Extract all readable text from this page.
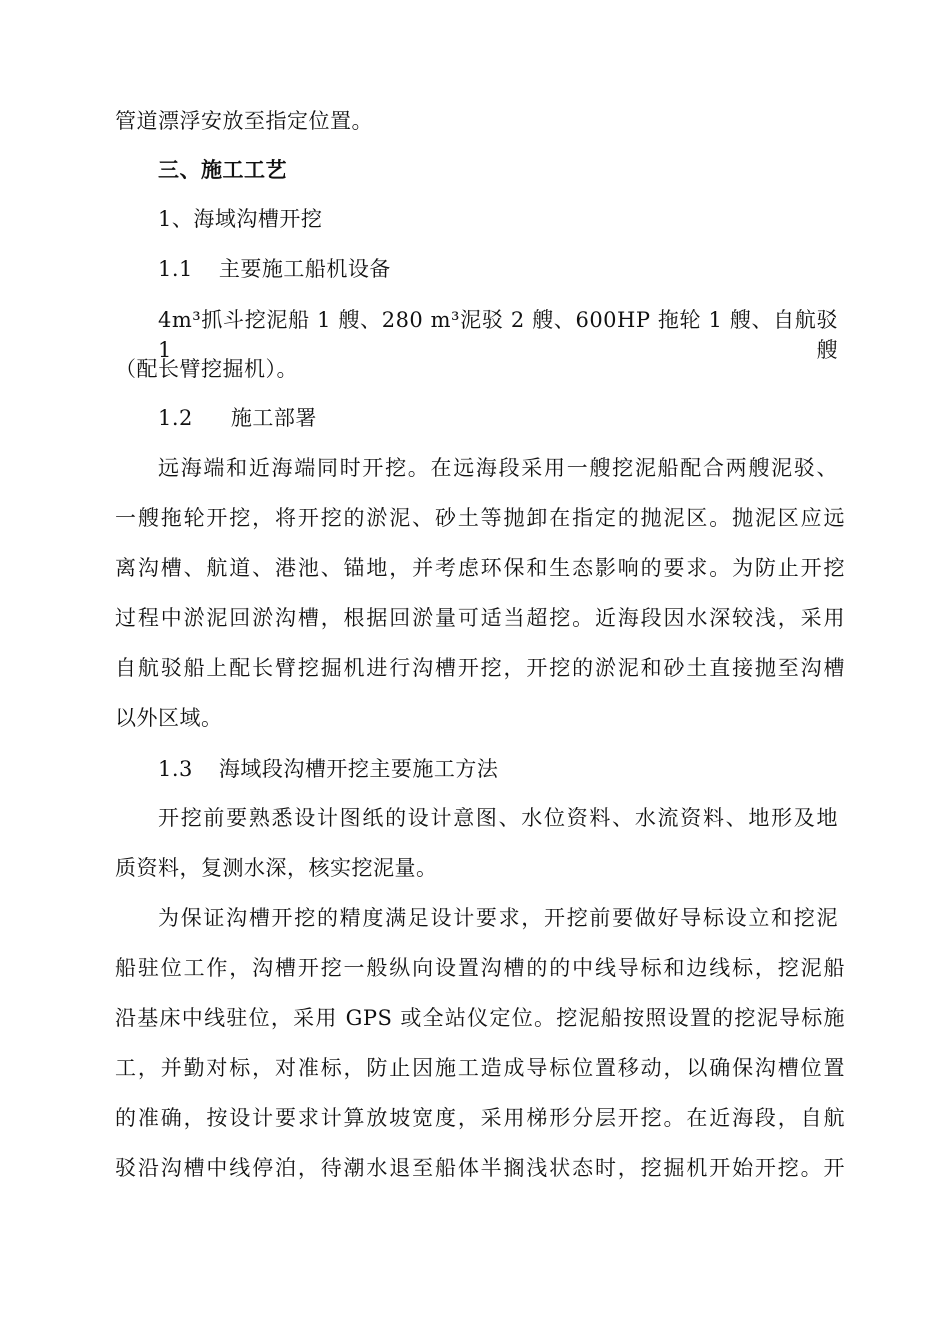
管道漂浮安放至指定位置。
三、施工工艺
1、海域沟槽开挖
1.1 主要施工船机设备
4m³抓斗挖泥船 1 艘、280 m³泥驳 2 艘、600HP 拖轮 1 艘、自航驳 1 艘
（配长臂挖掘机）。
1.2 施工部署
远海端和近海端同时开挖。在远海段采用一艘挖泥船配合两艘泥驳、
一艘拖轮开挖，将开挖的淤泥、砂土等抛卸在指定的抛泥区。抛泥区应远
离沟槽、航道、港池、锚地，并考虑环保和生态影响的要求。为防止开挖
过程中淤泥回淤沟槽，根据回淤量可适当超挖。近海段因水深较浅，采用
自航驳船上配长臂挖掘机进行沟槽开挖，开挖的淤泥和砂土直接抛至沟槽
以外区域。
1.3 海域段沟槽开挖主要施工方法
开挖前要熟悉设计图纸的设计意图、水位资料、水流资料、地形及地
质资料，复测水深，核实挖泥量。
为保证沟槽开挖的精度满足设计要求，开挖前要做好导标设立和挖泥
船驻位工作，沟槽开挖一般纵向设置沟槽的的中线导标和边线标，挖泥船
沿基床中线驻位，采用 GPS 或全站仪定位。挖泥船按照设置的挖泥导标施
工，并勤对标，对准标，防止因施工造成导标位置移动，以确保沟槽位置
的准确，按设计要求计算放坡宽度，采用梯形分层开挖。在近海段，自航
驳沿沟槽中线停泊，待潮水退至船体半搁浅状态时，挖掘机开始开挖。开
